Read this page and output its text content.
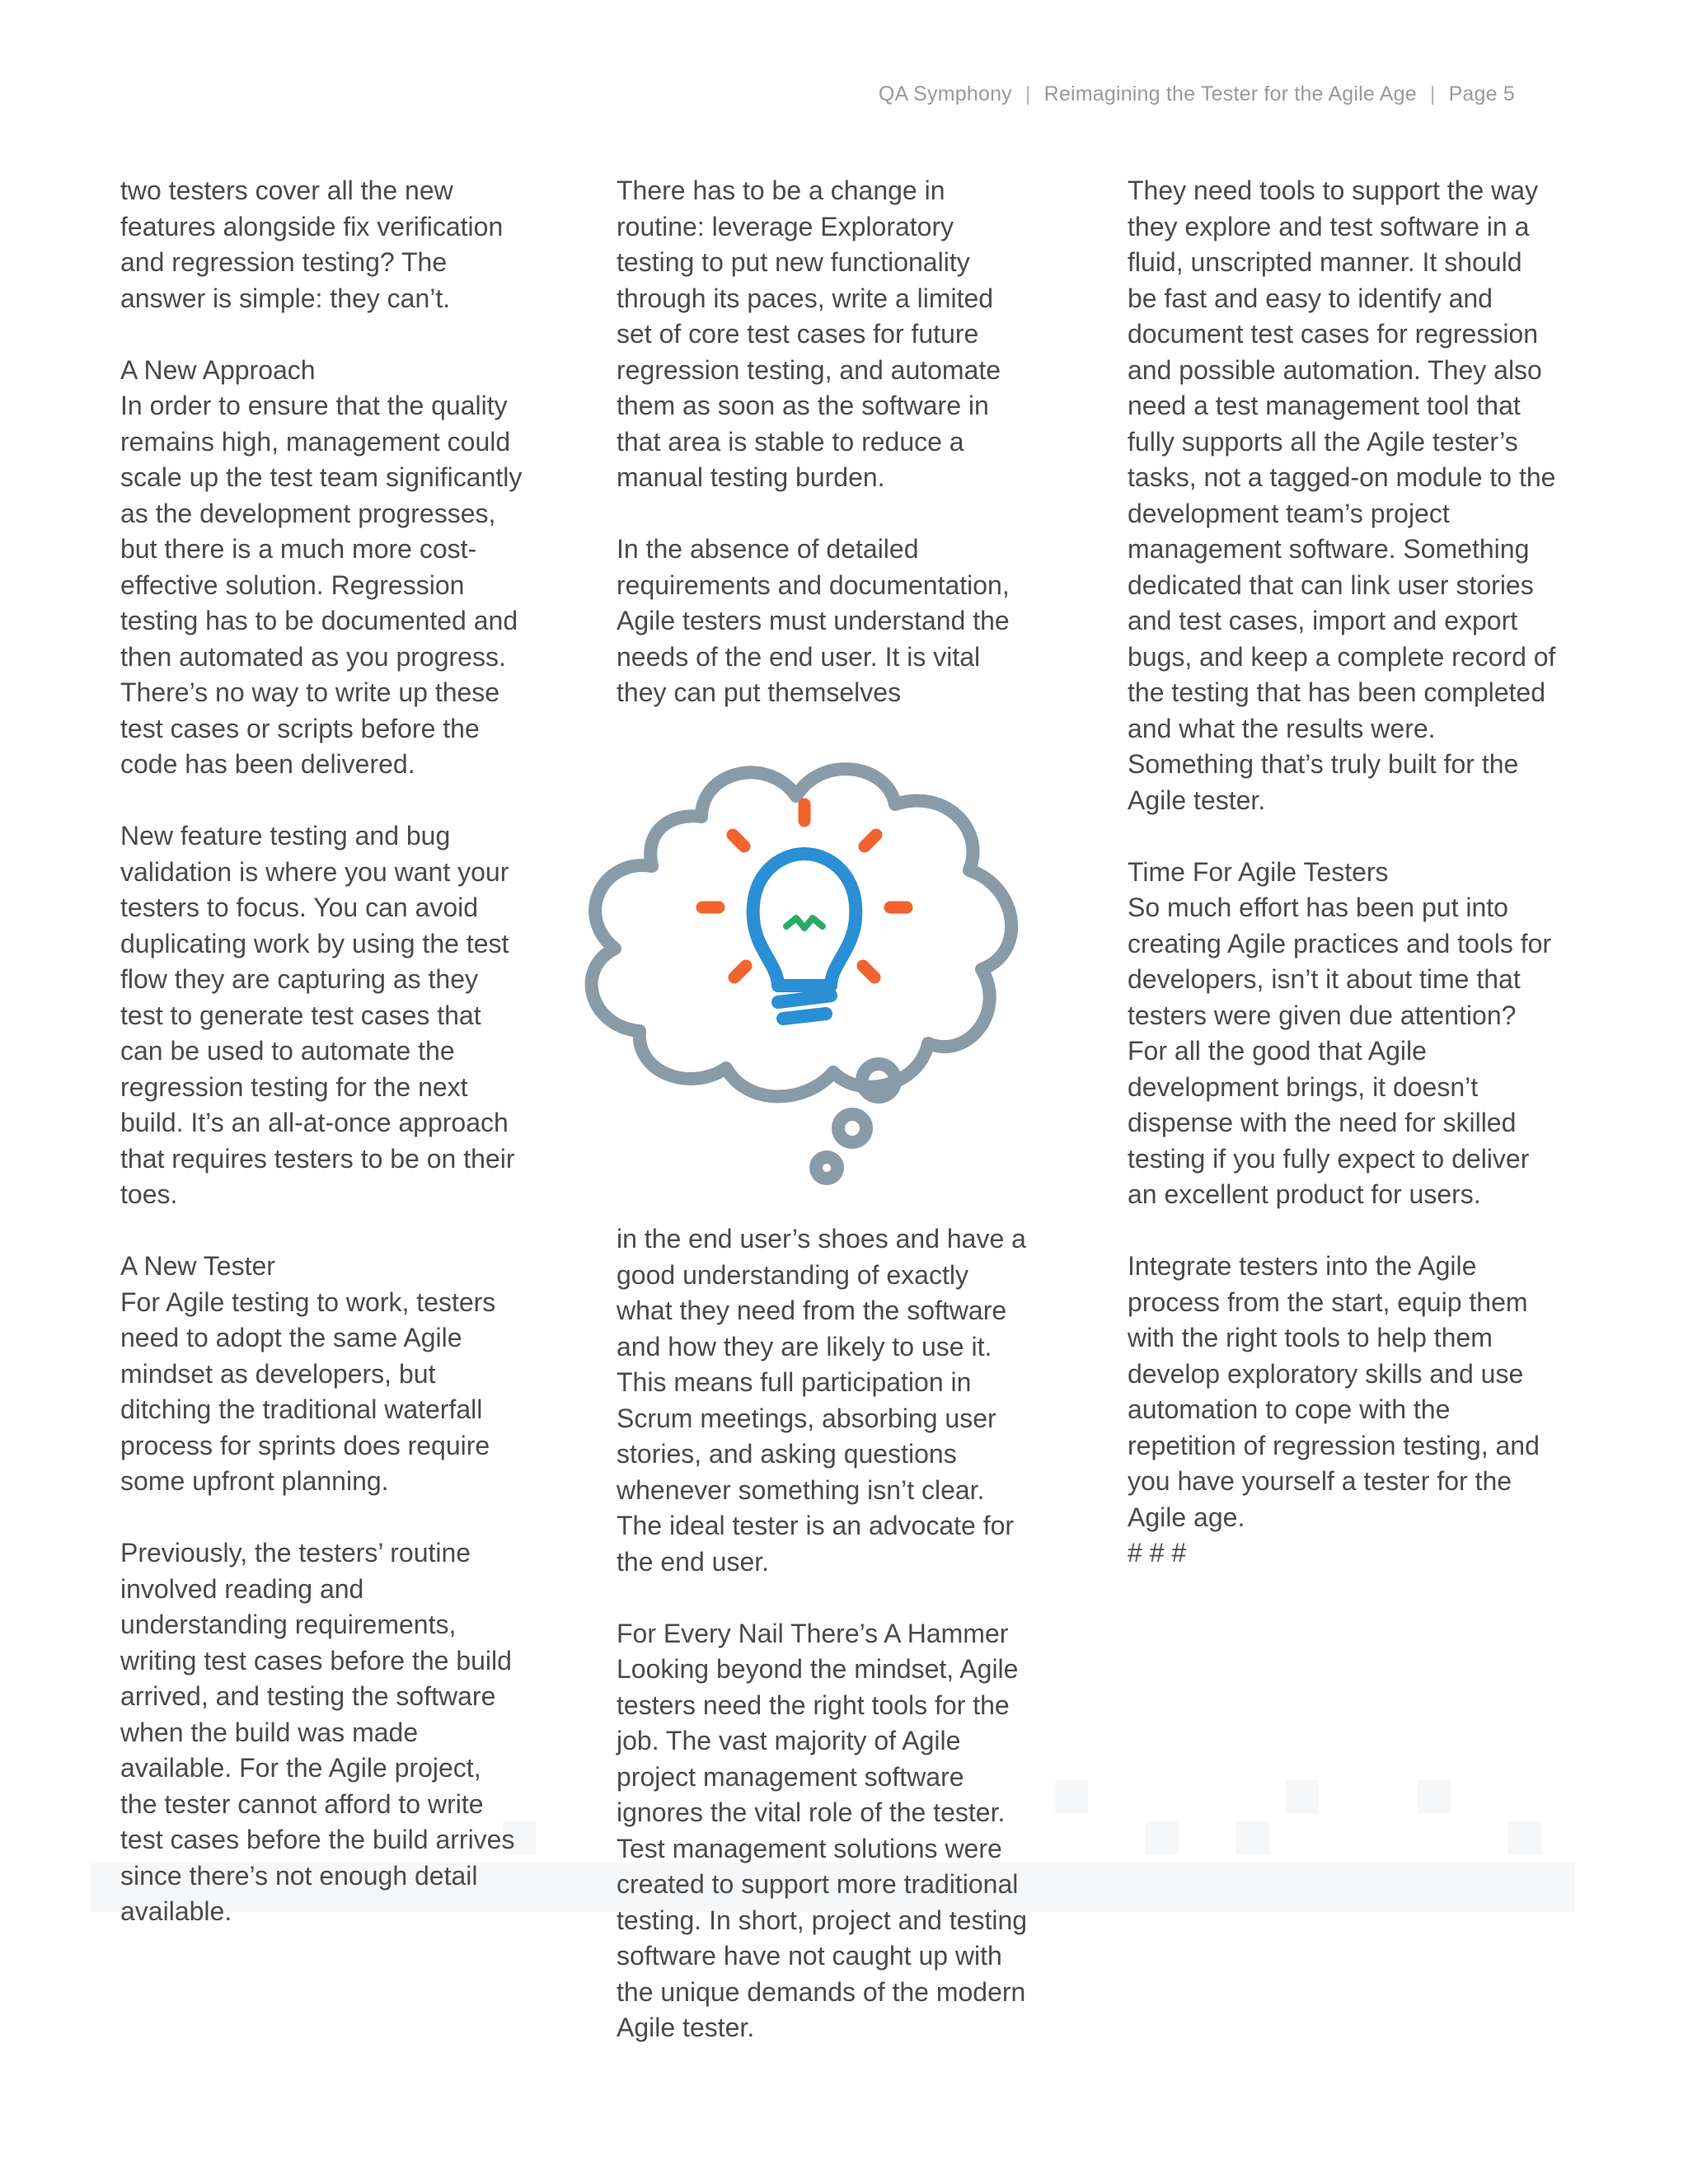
QA Symphony | Reimagining the Tester for the Agile Age | Page 5

two testers cover all the new features alongside fix verification and regression testing? The answer is simple: they can’t.

A New Approach
In order to ensure that the quality remains high, management could scale up the test team significantly as the development progresses, but there is a much more cost-effective solution. Regression testing has to be documented and then automated as you progress. There’s no way to write up these test cases or scripts before the code has been delivered.

New feature testing and bug validation is where you want your testers to focus. You can avoid duplicating work by using the test flow they are capturing as they test to generate test cases that can be used to automate the regression testing for the next build. It’s an all-at-once approach that requires testers to be on their toes.

A New Tester
For Agile testing to work, testers need to adopt the same Agile mindset as developers, but ditching the traditional waterfall process for sprints does require some upfront planning.

Previously, the testers’ routine involved reading and understanding requirements, writing test cases before the build arrived, and testing the software when the build was made available. For the Agile project, the tester cannot afford to write test cases before the build arrives since there’s not enough detail available.

There has to be a change in routine: leverage Exploratory testing to put new functionality through its paces, write a limited set of core test cases for future regression testing, and automate them as soon as the software in that area is stable to reduce a manual testing burden.

In the absence of detailed requirements and documentation, Agile testers must understand the needs of the end user. It is vital they can put themselves

in the end user’s shoes and have a good understanding of exactly what they need from the software and how they are likely to use it. This means full participation in Scrum meetings, absorbing user stories, and asking questions whenever something isn’t clear. The ideal tester is an advocate for the end user.

For Every Nail There’s A Hammer
Looking beyond the mindset, Agile testers need the right tools for the job. The vast majority of Agile project management software ignores the vital role of the tester. Test management solutions were created to support more traditional testing. In short, project and testing software have not caught up with the unique demands of the modern Agile tester.

They need tools to support the way they explore and test software in a fluid, unscripted manner. It should be fast and easy to identify and document test cases for regression and possible automation. They also need a test management tool that fully supports all the Agile tester’s tasks, not a tagged-on module to the development team’s project management software. Something dedicated that can link user stories and test cases, import and export bugs, and keep a complete record of the testing that has been completed and what the results were. Something that’s truly built for the Agile tester.

Time For Agile Testers
So much effort has been put into creating Agile practices and tools for developers, isn’t it about time that testers were given due attention? For all the good that Agile development brings, it doesn’t dispense with the need for skilled testing if you fully expect to deliver an excellent product for users.

Integrate testers into the Agile process from the start, equip them with the right tools to help them develop exploratory skills and use automation to cope with the repetition of regression testing, and you have yourself a tester for the Agile age.
# # #
